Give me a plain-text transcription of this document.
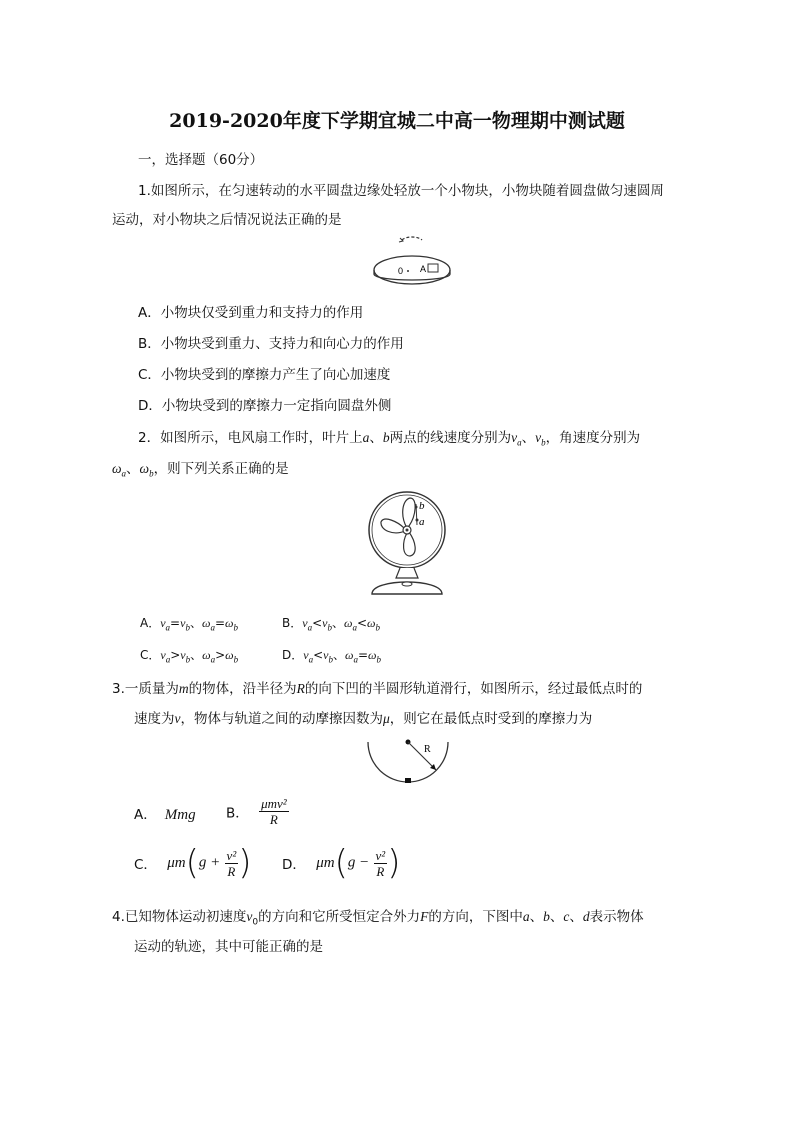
2019-2020年度下学期宜城二中高一物理期中测试题
一，选择题（60分）
1.如图所示，在匀速转动的水平圆盘边缘处轻放一个小物块，小物块随着圆盘做匀速圆周
运动，对小物块之后情况说法正确的是
0 A
A．小物块仅受到重力和支持力的作用
B．小物块受到重力、支持力和向心力的作用
C．小物块受到的摩擦力产生了向心加速度
D．小物块受到的摩擦力一定指向圆盘外侧
2．如图所示，电风扇工作时，叶片上a、b两点的线速度分别为$v_a$、$v_b$，角速度分别为
$\omega_a$、$\omega_b$，则下列关系正确的是
b
a
A．$v_a=v_b$、$\omega_a=\omega_b$	B．$v_a<v_b$、$\omega_a<\omega_b$
C．$v_a>v_b$、$\omega_a>\omega_b$	D．$v_a<v_b$、$\omega_a=\omega_b$
3.一质量为m的物体，沿半径为R的向下凹的半圆形轨道滑行，如图所示，经过最低点时的
速度为v，物体与轨道之间的动摩擦因数为μ，则它在最低点时受到的摩擦力为
R
A． Mmg B． $\frac{\text{μmv²}}{R}$
C． $\mu m(g + \frac{\text{v²}}{R}$ ) D． $\mu m(g - \frac{\text{v²}}{R}$ )
4.已知物体运动初速度$v_0$的方向和它所受恒定合外力F的方向，下图中a、b、c、d表示物体
运动的轨迹，其中可能正确的是
